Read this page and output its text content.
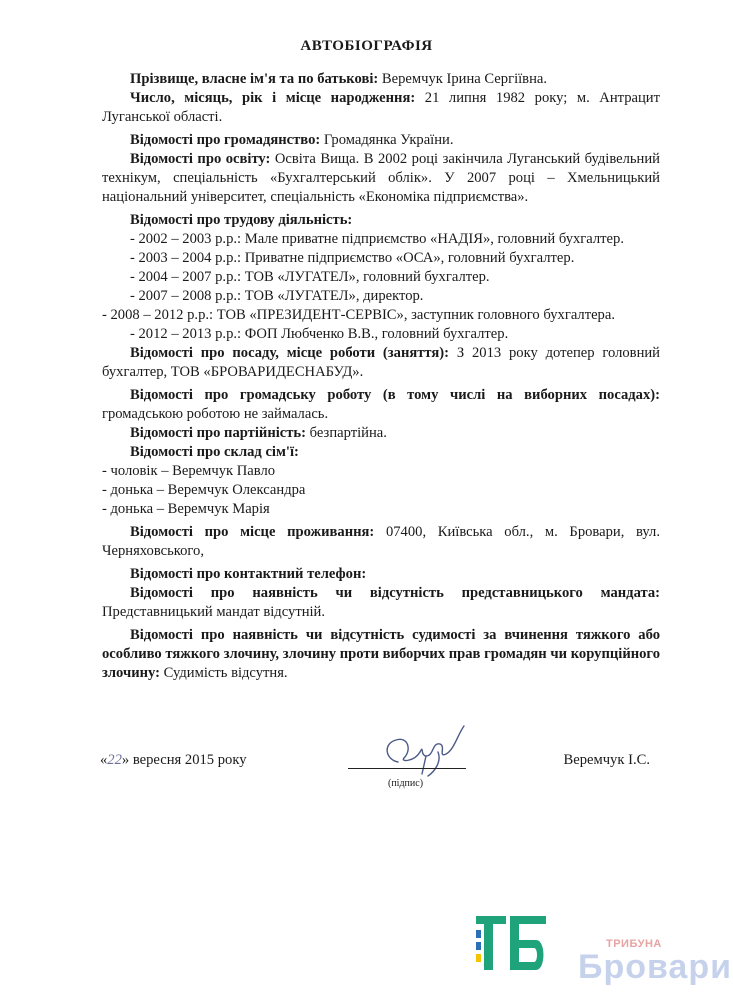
АВТОБІОГРАФІЯ

Прізвище, власне ім'я та по батькові: Веремчук Ірина Сергіївна.

Число, місяць, рік і місце народження: 21 липня 1982 року; м. Антрацит Луганської області.

Відомості про громадянство: Громадянка України.

Відомості про освіту: Освіта Вища. В 2002 році закінчила Луганський будівельний технікум, спеціальність «Бухгалтерський облік». У 2007 році – Хмельницький національний університет, спеціальність «Економіка підприємства».

Відомості про трудову діяльність:

- 2002 – 2003 р.р.: Мале приватне підприємство «НАДІЯ», головний бухгалтер.

- 2003 – 2004 р.р.: Приватне підприємство «ОСА», головний бухгалтер.

- 2004 – 2007 р.р.: ТОВ «ЛУГАТЕЛ», головний бухгалтер.

- 2007 – 2008 р.р.: ТОВ «ЛУГАТЕЛ», директор.

- 2008 – 2012 р.р.: ТОВ «ПРЕЗИДЕНТ-СЕРВІС», заступник головного бухгалтера.

- 2012 – 2013 р.р.: ФОП Любченко В.В., головний бухгалтер.

Відомості про посаду, місце роботи (заняття): З 2013 року дотепер головний бухгалтер, ТОВ «БРОВАРИДЕСНАБУД».

Відомості про громадську роботу (в тому числі на виборних посадах): громадською роботою не займалась.

Відомості про партійність: безпартійна.

Відомості про склад сім'ї:

- чоловік – Веремчук Павло

- донька – Веремчук Олександра

- донька – Веремчук Марія

Відомості про місце проживання: 07400, Київська обл., м. Бровари, вул. Черняховського,

Відомості про контактний телефон:

Відомості про наявність чи відсутність представницького мандата: Представницький мандат відсутній.

Відомості про наявність чи відсутність судимості за вчинення тяжкого або особливо тяжкого злочину, злочину проти виборчих прав громадян чи корупційного злочину: Судимість відсутня.

«22» вересня 2015 року
(підпис)
Веремчук І.С.
ТРИБУНА
Бровари
